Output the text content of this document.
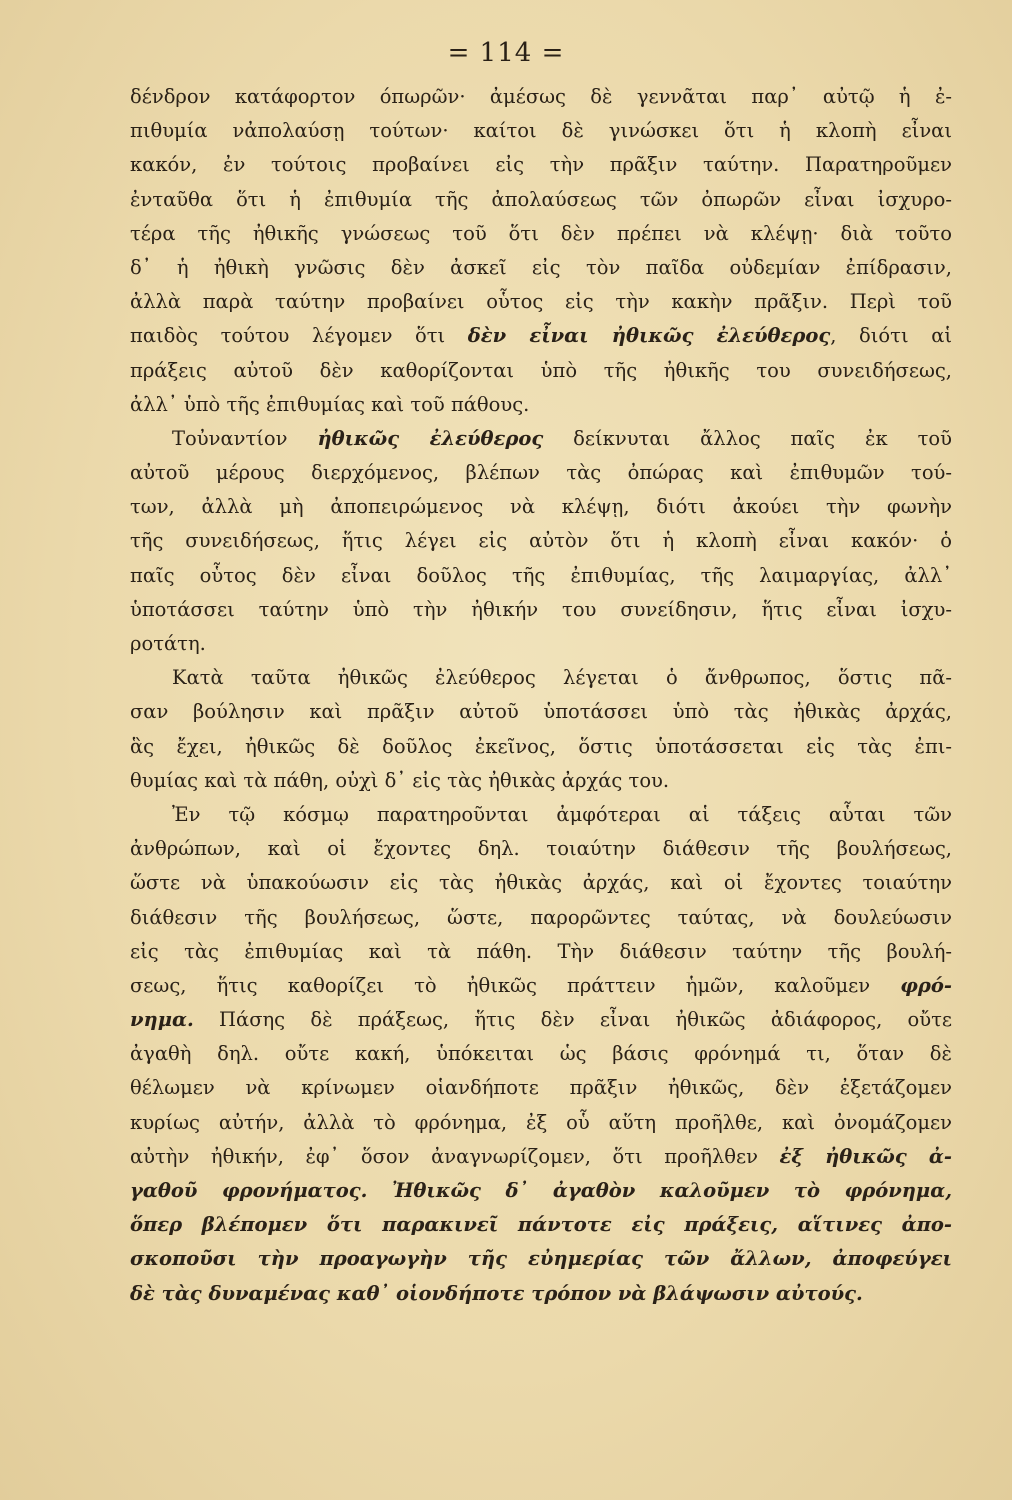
= 114 =
δένδρον κατάφορτον όπωρῶν· ἀμέσως δὲ γεννᾶται παρ᾽ αὐτῷ ἡ ἐ-
πιθυμία νἀπολαύσῃ τούτων· καίτοι δὲ γινώσκει ὅτι ἡ κλοπὴ εἶναι
κακόν, ἐν τούτοις προβαίνει εἰς τὴν πρᾶξιν ταύτην. Παρατηροῦμεν
ἐνταῦθα ὅτι ἡ ἐπιθυμία τῆς ἀπολαύσεως τῶν ὀπωρῶν εἶναι ἰσχυρο-
τέρα τῆς ἠθικῆς γνώσεως τοῦ ὅτι δὲν πρέπει νὰ κλέψῃ· διὰ τοῦτο
δ᾽ ἡ ἠθικὴ γνῶσις δὲν ἀσκεῖ εἰς τὸν παῖδα οὐδεμίαν ἐπίδρασιν,
ἀλλὰ παρὰ ταύτην προβαίνει οὗτος εἰς τὴν κακὴν πρᾶξιν. Περὶ τοῦ
παιδὸς τούτου λέγομεν ὅτι δὲν εἶναι ἠθικῶς ἐλεύθερος, διότι αἱ
πράξεις αὐτοῦ δὲν καθορίζονται ὑπὸ τῆς ἠθικῆς του συνειδήσεως,
ἀλλ᾽ ὑπὸ τῆς ἐπιθυμίας καὶ τοῦ πάθους.
Τοὐναντίον ἠθικῶς ἐλεύθερος δείκνυται ἄλλος παῖς ἐκ τοῦ
αὐτοῦ μέρους διερχόμενος, βλέπων τὰς ὀπώρας καὶ ἐπιθυμῶν τού-
των, ἀλλὰ μὴ ἀποπειρώμενος νὰ κλέψῃ, διότι ἀκούει τὴν φωνὴν
τῆς συνειδήσεως, ἥτις λέγει εἰς αὐτὸν ὅτι ἡ κλοπὴ εἶναι κακόν· ὁ
παῖς οὗτος δὲν εἶναι δοῦλος τῆς ἐπιθυμίας, τῆς λαιμαργίας, ἀλλ᾽
ὑποτάσσει ταύτην ὑπὸ τὴν ἠθικήν του συνείδησιν, ἥτις εἶναι ἰσχυ-
ροτάτη.
Κατὰ ταῦτα ἠθικῶς ἐλεύθερος λέγεται ὁ ἄνθρωπος, ὅστις πᾶ-
σαν βούλησιν καὶ πρᾶξιν αὐτοῦ ὑποτάσσει ὑπὸ τὰς ἠθικὰς ἀρχάς,
ἃς ἔχει, ἠθικῶς δὲ δοῦλος ἐκεῖνος, ὅστις ὑποτάσσεται εἰς τὰς ἐπι-
θυμίας καὶ τὰ πάθη, οὐχὶ δ᾽ εἰς τὰς ἠθικὰς ἀρχάς του.
Ἐν τῷ κόσμῳ παρατηροῦνται ἀμφότεραι αἱ τάξεις αὗται τῶν
ἀνθρώπων, καὶ οἱ ἔχοντες δηλ. τοιαύτην διάθεσιν τῆς βουλήσεως,
ὥστε νὰ ὑπακούωσιν εἰς τὰς ἠθικὰς ἀρχάς, καὶ οἱ ἔχοντες τοιαύτην
διάθεσιν τῆς βουλήσεως, ὥστε, παρορῶντες ταύτας, νὰ δουλεύωσιν
εἰς τὰς ἐπιθυμίας καὶ τὰ πάθη. Τὴν διάθεσιν ταύτην τῆς βουλή-
σεως, ἥτις καθορίζει τὸ ἠθικῶς πράττειν ἡμῶν, καλοῦμεν φρό-
νημα. Πάσης δὲ πράξεως, ἥτις δὲν εἶναι ἠθικῶς ἀδιάφορος, οὔτε
ἀγαθὴ δηλ. οὔτε κακή, ὑπόκειται ὡς βάσις φρόνημά τι, ὅταν δὲ
θέλωμεν νὰ κρίνωμεν οἱανδήποτε πρᾶξιν ἠθικῶς, δὲν ἐξετάζομεν
κυρίως αὐτήν, ἀλλὰ τὸ φρόνημα, ἐξ οὗ αὕτη προῆλθε, καὶ ὀνομάζομεν
αὐτὴν ἠθικήν, ἐφ᾽ ὅσον ἀναγνωρίζομεν, ὅτι προῆλθεν ἐξ ἠθικῶς ἀ-
γαθοῦ φρονήματος. Ἠθικῶς δ᾽ ἀγαθὸν καλοῦμεν τὸ φρόνημα,
ὅπερ βλέπομεν ὅτι παρακινεῖ πάντοτε εἰς πράξεις, αἵτινες ἀπο-
σκοποῦσι τὴν προαγωγὴν τῆς εὐημερίας τῶν ἄλλων, ἀποφεύγει
δὲ τὰς δυναμένας καθ᾽ οἱονδήποτε τρόπον νὰ βλάψωσιν αὐτούς.
